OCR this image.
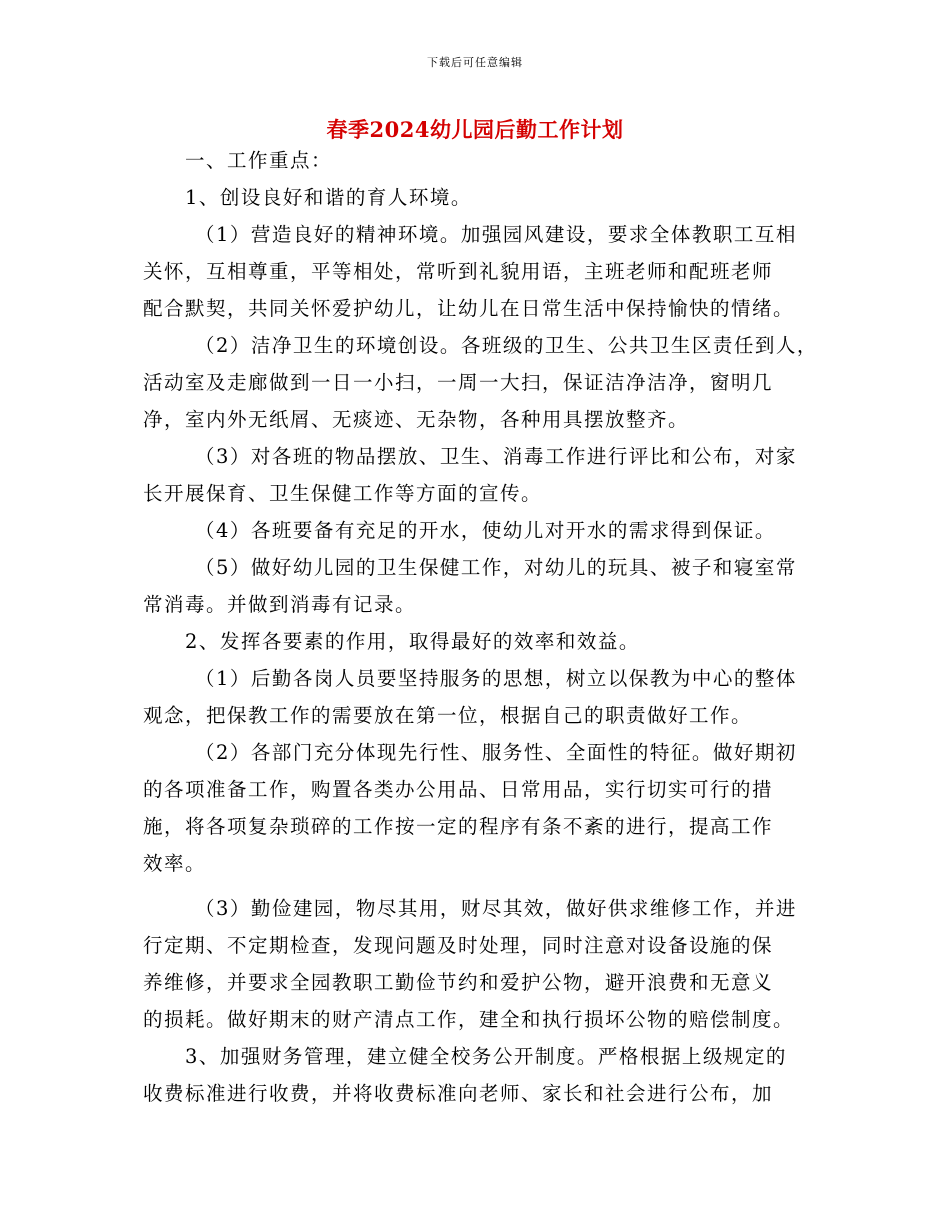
下载后可任意编辑
春季2024幼儿园后勤工作计划
一、工作重点：
1、创设良好和谐的育人环境。
（1）营造良好的精神环境。加强园风建设，要求全体教职工互相
关怀，互相尊重，平等相处，常听到礼貌用语，主班老师和配班老师
配合默契，共同关怀爱护幼儿，让幼儿在日常生活中保持愉快的情绪。
（2）洁净卫生的环境创设。各班级的卫生、公共卫生区责任到人，
活动室及走廊做到一日一小扫，一周一大扫，保证洁净洁净，窗明几
净，室内外无纸屑、无痰迹、无杂物，各种用具摆放整齐。
（3）对各班的物品摆放、卫生、消毒工作进行评比和公布，对家
长开展保育、卫生保健工作等方面的宣传。
（4）各班要备有充足的开水，使幼儿对开水的需求得到保证。
（5）做好幼儿园的卫生保健工作，对幼儿的玩具、被子和寝室常
常消毒。并做到消毒有记录。
2、发挥各要素的作用，取得最好的效率和效益。
（1）后勤各岗人员要坚持服务的思想，树立以保教为中心的整体
观念，把保教工作的需要放在第一位，根据自己的职责做好工作。
（2）各部门充分体现先行性、服务性、全面性的特征。做好期初
的各项准备工作，购置各类办公用品、日常用品，实行切实可行的措
施，将各项复杂琐碎的工作按一定的程序有条不紊的进行，提高工作
效率。
（3）勤俭建园，物尽其用，财尽其效，做好供求维修工作，并进
行定期、不定期检查，发现问题及时处理，同时注意对设备设施的保
养维修，并要求全园教职工勤俭节约和爱护公物，避开浪费和无意义
的损耗。做好期末的财产清点工作，建全和执行损坏公物的赔偿制度。
3、加强财务管理，建立健全校务公开制度。严格根据上级规定的
收费标准进行收费，并将收费标准向老师、家长和社会进行公布，加
